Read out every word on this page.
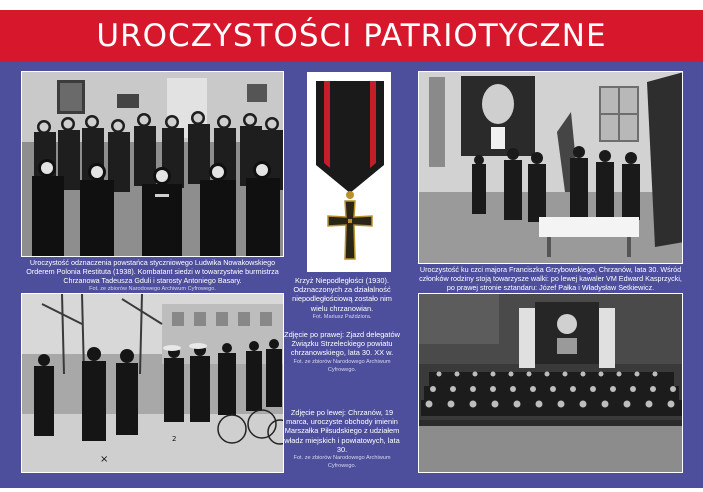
UROCZYSTOŚCI PATRIOTYCZNE
Uroczystość odznaczenia powstańca styczniowego Ludwika Nowakowskiego Orderem Polonia Restituta (1938). Kombatant siedzi w towarzystwie burmistrza Chrzanowa Tadeusza Gduli i starosty Antoniego Basary.
Fot. ze zbiorów Narodowego Archiwum Cyfrowego.
Krzyż Niepodległości (1930). Odznaczonych za działalność niepodległościową zostało nim wielu chrzanowian.
Fot. Mariusz Paździora.
Uroczystość ku czci majora Franciszka Grzybowskiego, Chrzanów, lata 30. Wśród członków rodziny stoją towarzysze walki: po lewej kawaler VM Edward Kasprzycki, po prawej stronie sztandaru: Józef Pałka i Władysław Setkiewicz.
Zdjęcie po prawej: Zjazd delegatów Związku Strzeleckiego powiatu chrzanowskiego, lata 30. XX w.
Fot. ze zbiorów Narodowego Archiwum Cyfrowego.
Zdjęcie po lewej: Chrzanów, 19 marca, uroczyste obchody imienin Marszałka Piłsudskiego z udziałem władz miejskich i powiatowych, lata 30.
Fot. ze zbiorów Narodowego Archiwum Cyfrowego.
×
1
2
